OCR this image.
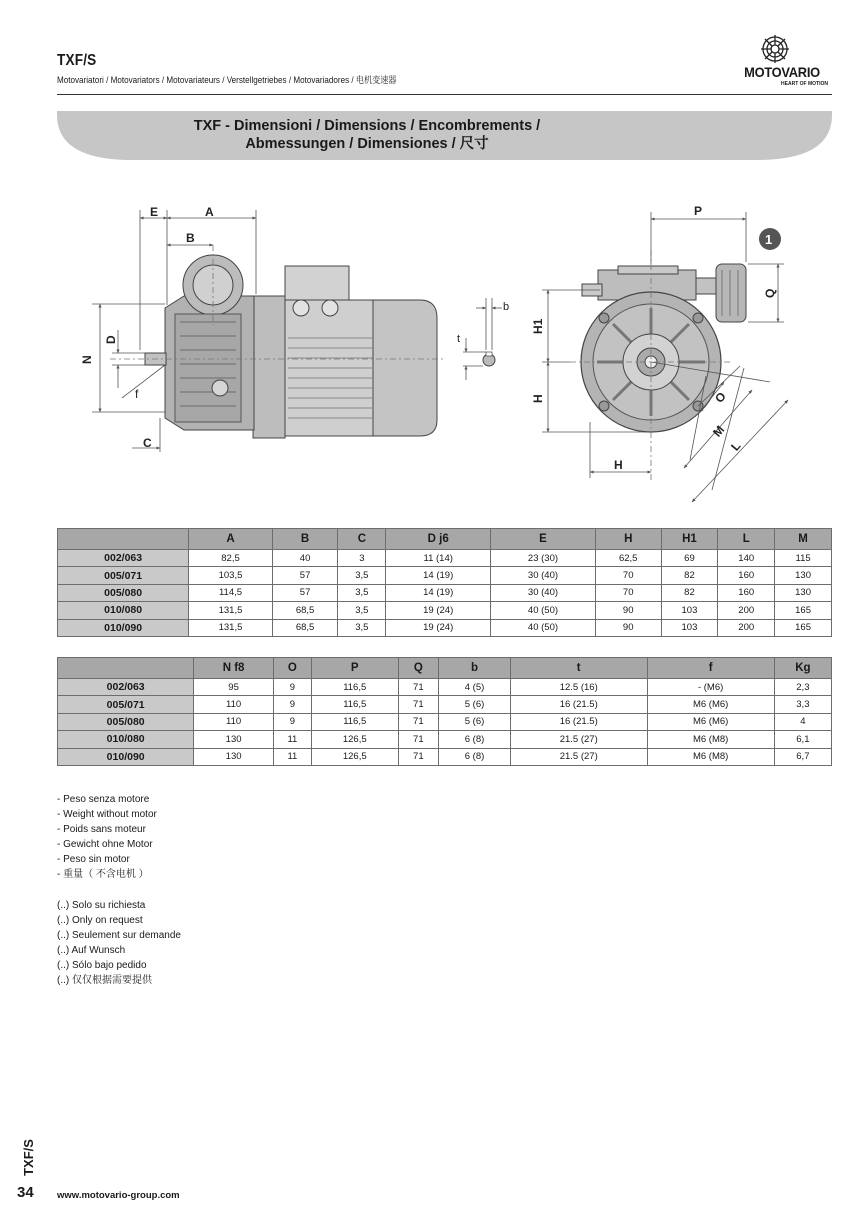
TXF/S
Motovariatori / Motovariators / Motovariateurs / Verstellgetriebes / Motovariadores / 电机变速器	MOTOVARIO
HEART OF MOTION
TXF - Dimensioni / Dimensions / Encombrements /
Abmessungen / Dimensiones / 尺寸
E	A
B
N
D
f
C
b
t
1
P
Q
H1
H
H
O
M
L
	A	B	C	D j6	E	H	H1	L	M
002/063	82,5	40	3	11 (14)	23 (30)	62,5	69	140	115
005/071	103,5	57	3,5	14 (19)	30 (40)	70	82	160	130
005/080	114,5	57	3,5	14 (19)	30 (40)	70	82	160	130
010/080	131,5	68,5	3,5	19 (24)	40 (50)	90	103	200	165
010/090	131,5	68,5	3,5	19 (24)	40 (50)	90	103	200	165
	N f8	O	P	Q	b	t	f	Kg
002/063	95	9	116,5	71	4 (5)	12.5 (16)	- (M6)	2,3
005/071	110	9	116,5	71	5 (6)	16 (21.5)	M6 (M6)	3,3
005/080	110	9	116,5	71	5 (6)	16 (21.5)	M6 (M6)	4
010/080	130	11	126,5	71	6 (8)	21.5 (27)	M6 (M8)	6,1
010/090	130	11	126,5	71	6 (8)	21.5 (27)	M6 (M8)	6,7
- Peso senza motore
- Weight without motor
- Poids sans moteur
- Gewicht ohne Motor
- Peso sin motor
- 重量（ 不含电机 ）
(..) Solo su richiesta
(..) Only on request
(..) Seulement sur demande
(..) Auf Wunsch
(..) Sólo bajo pedido
(..) 仅仅根据需要提供
TXF/S
34 www.motovario-group.com
